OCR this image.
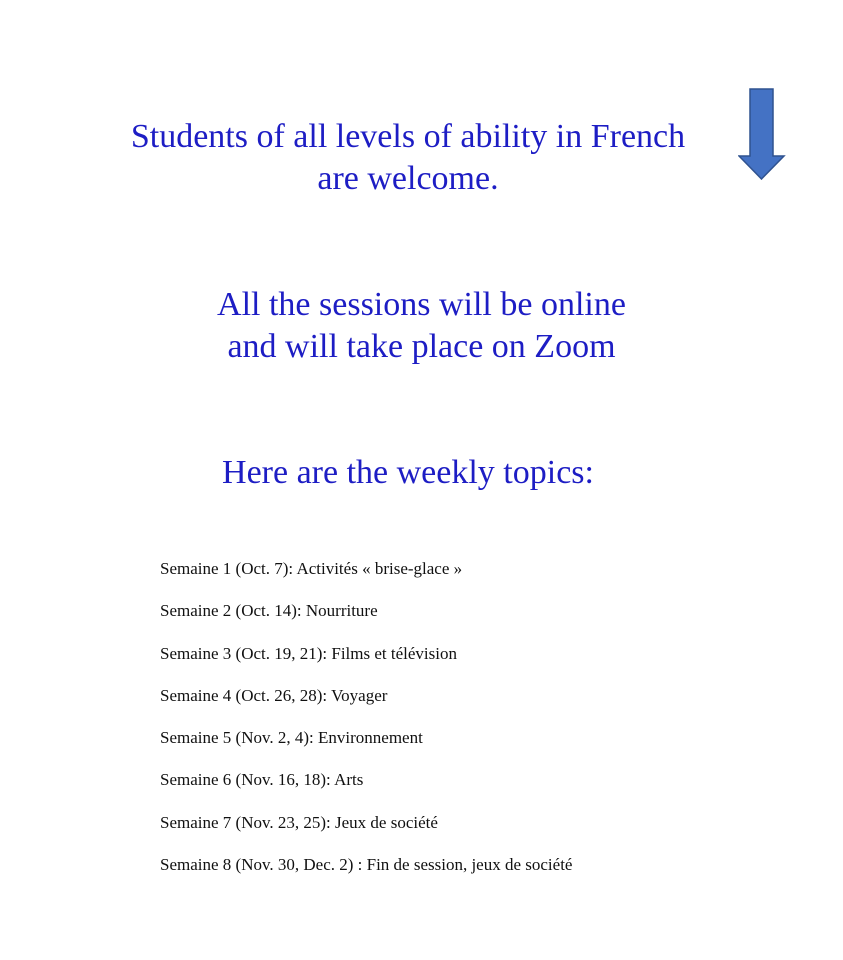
Students of all levels of ability in French
are welcome.
All the sessions will be online
and will take place on Zoom
Here are the weekly topics:
Semaine 1 (Oct. 7): Activités « brise-glace »
Semaine 2 (Oct. 14): Nourriture
Semaine 3 (Oct. 19, 21): Films et télévision
Semaine 4 (Oct. 26, 28): Voyager
Semaine 5 (Nov. 2, 4): Environnement
Semaine 6 (Nov. 16, 18): Arts
Semaine 7 (Nov. 23, 25): Jeux de société
Semaine 8 (Nov. 30, Dec. 2) : Fin de session, jeux de société
